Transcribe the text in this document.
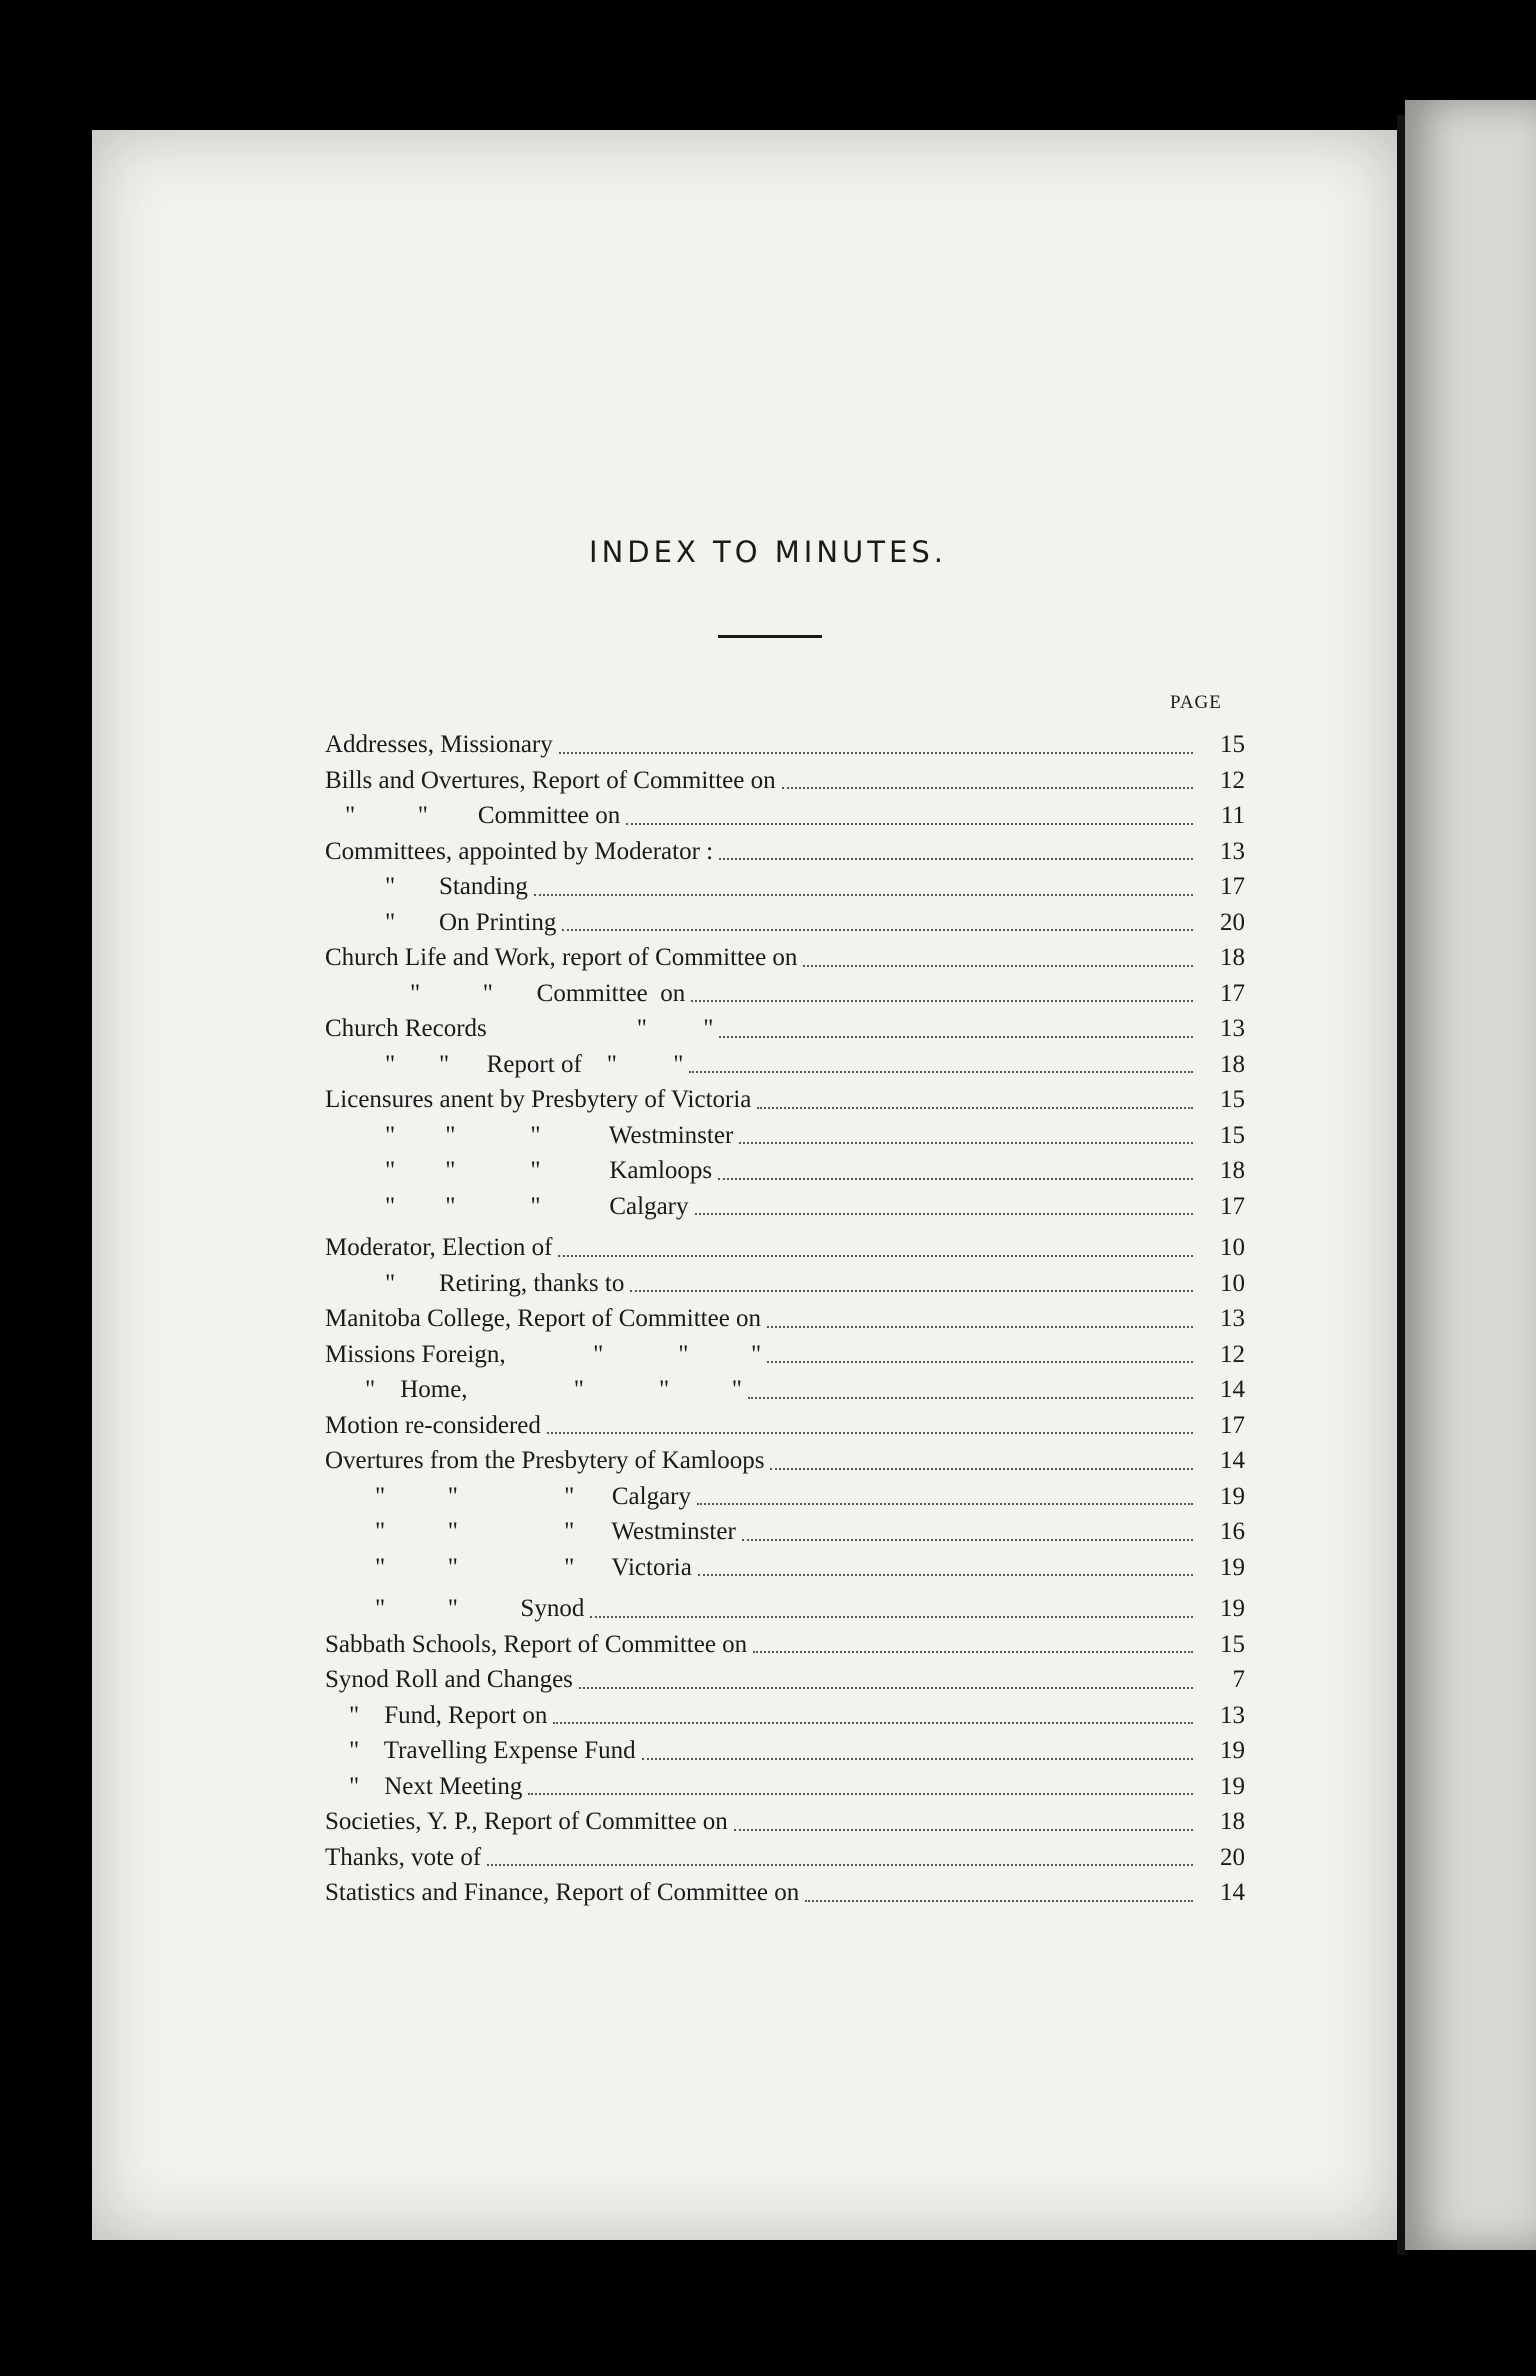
INDEX TO MINUTES.
PAGE
Addresses, Missionary	15
Bills and Overtures, Report of Committee on	12
"          "        Committee on	11
Committees, appointed by Moderator :	13
"       Standing	17
"       On Printing	20
Church Life and Work, report of Committee on	18
"          "       Committee  on	17
Church Records                        "         "	13
"       "      Report of    "         "	18
Licensures anent by Presbytery of Victoria	15
"        "            "           Westminster	15
"        "            "           Kamloops	18
"        "            "           Calgary	17
Moderator, Election of	10
"       Retiring, thanks to	10
Manitoba College, Report of Committee on	13
Missions Foreign,              "            "          "	12
"    Home,                 "            "          "	14
Motion re-considered	17
Overtures from the Presbytery of Kamloops	14
"          "                 "      Calgary	19
"          "                 "      Westminster	16
"          "                 "      Victoria	19
"          "          Synod	19
Sabbath Schools, Report of Committee on	15
Synod Roll and Changes	7
"    Fund, Report on	13
"    Travelling Expense Fund	19
"    Next Meeting	19
Societies, Y. P., Report of Committee on	18
Thanks, vote of	20
Statistics and Finance, Report of Committee on	14
